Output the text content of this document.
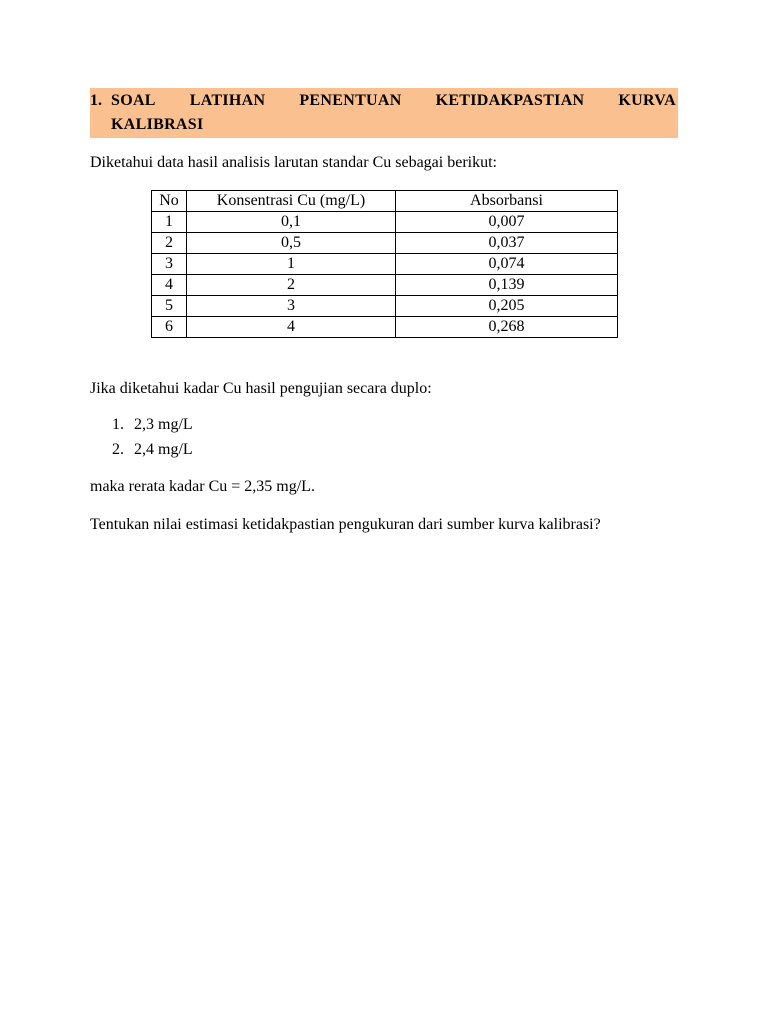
1. SOAL LATIHAN PENENTUAN KETIDAKPASTIAN KURVA
KALIBRASI
Diketahui data hasil analisis larutan standar Cu sebagai berikut:
No	Konsentrasi Cu (mg/L)	Absorbansi
1	0,1	0,007
2	0,5	0,037
3	1	0,074
4	2	0,139
5	3	0,205
6	4	0,268
Jika diketahui kadar Cu hasil pengujian secara duplo:
1. 2,3 mg/L
2. 2,4 mg/L
maka rerata kadar Cu = 2,35 mg/L.
Tentukan nilai estimasi ketidakpastian pengukuran dari sumber kurva kalibrasi?
